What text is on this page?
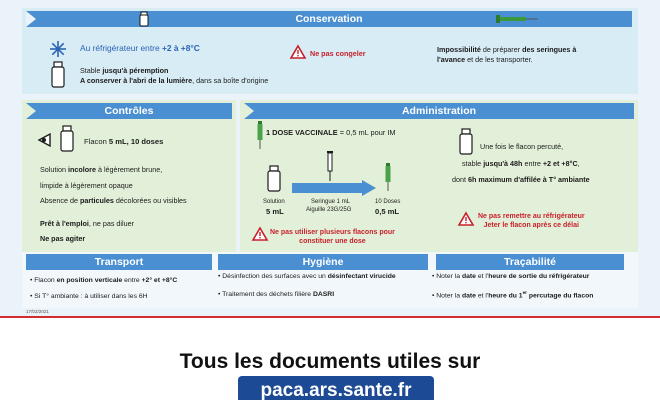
Conservation
Au réfrigérateur entre +2 à +8°C
Stable jusqu'à péremption
A conserver à l'abri de la lumière, dans sa boîte d'origine
Ne pas congeler	Impossibilité de préparer des seringues à
l'avance et de les transporter.
Contrôles
Flacon 5 mL, 10 doses
Solution incolore à légèrement brune,
limpide à légèrement opaque
Absence de particules décolorées ou visibles
Prêt à l'emploi, ne pas diluer
Ne pas agiter
Administration
1 DOSE VACCINALE = 0,5 mL pour IM
Solution
5 mL
Seringue 1 mL
Aiguille 23G/25G
10 Doses
0,5 mL
Ne pas utiliser plusieurs flacons pour
constituer une dose
Une fois le flacon percuté,
stable jusqu'à 48h entre +2 et +8°C,
dont 6h maximum d'affilée à T° ambiante
Ne pas remettre au réfrigérateur
Jeter le flacon après ce délai
Transport
• Flacon en position verticale entre +2° et +8°C
• Si T° ambiante : à utiliser dans les 6H
Hygiène
• Désinfection des surfaces avec un désinfectant virucide
• Traitement des déchets filière DASRI
Traçabilité
• Noter la date et l'heure de sortie du réfrigérateur
• Noter la date et l'heure du 1er percutage du flacon
17/02/2021
Tous les documents utiles sur
paca.ars.sante.fr
